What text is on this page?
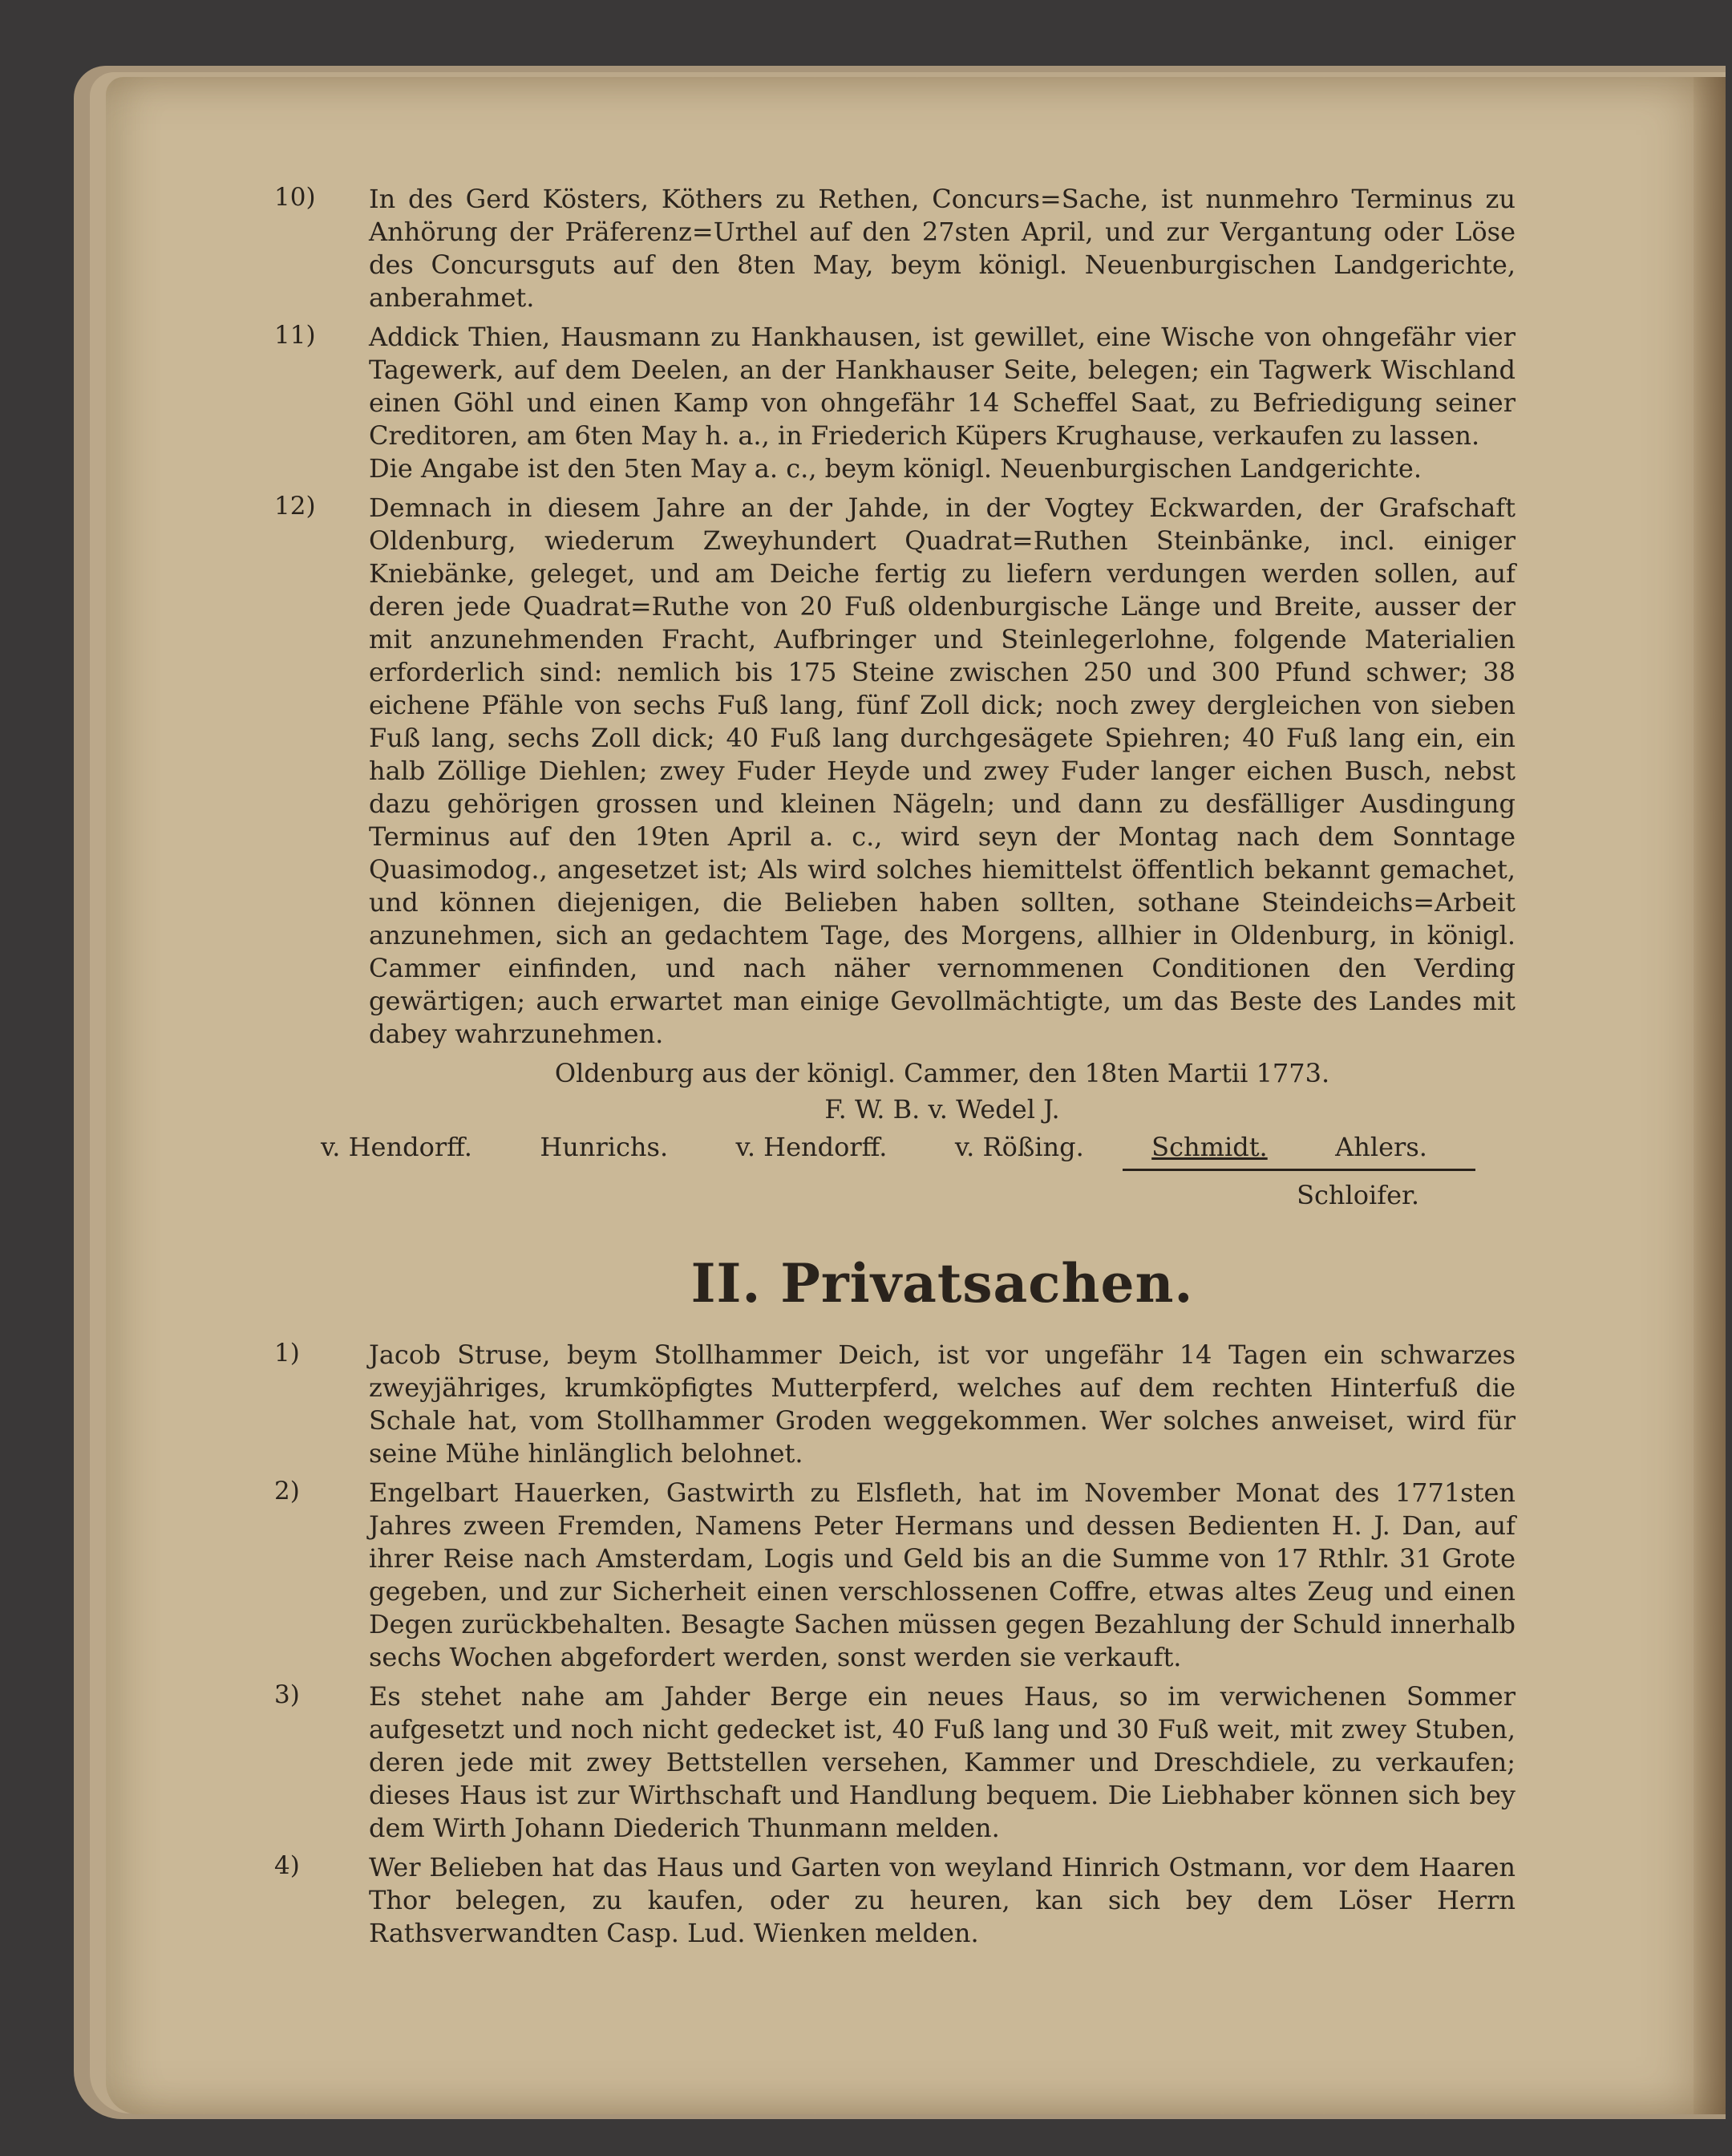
10)	In des Gerd Kösters, Köthers zu Rethen, Concurs=Sache, ist nunmehro Terminus zu Anhörung der Präferenz=Urthel auf den 27sten April, und zur Vergantung oder Löse des Concursguts auf den 8ten May, beym königl. Neuenburgischen Landgerichte, anberahmet.

11)	Addick Thien, Hausmann zu Hankhausen, ist gewillet, eine Wische von ohngefähr vier Tagewerk, auf dem Deelen, an der Hankhauser Seite, belegen; ein Tagwerk Wischland einen Göhl und einen Kamp von ohngefähr 14 Scheffel Saat, zu Befriedigung seiner Creditoren, am 6ten May h. a., in Friederich Küpers Krughause, verkaufen zu lassen.

Die Angabe ist den 5ten May a. c., beym königl. Neuenburgischen Landgerichte.

12)	Demnach in diesem Jahre an der Jahde, in der Vogtey Eckwarden, der Grafschaft Oldenburg, wiederum Zweyhundert Quadrat=Ruthen Steinbänke, incl. einiger Kniebänke, geleget, und am Deiche fertig zu liefern verdungen werden sollen, auf deren jede Quadrat=Ruthe von 20 Fuß oldenburgische Länge und Breite, ausser der mit anzunehmenden Fracht, Aufbringer und Steinlegerlohne, folgende Materialien erforderlich sind: nemlich bis 175 Steine zwischen 250 und 300 Pfund schwer; 38 eichene Pfähle von sechs Fuß lang, fünf Zoll dick; noch zwey dergleichen von sieben Fuß lang, sechs Zoll dick; 40 Fuß lang durchgesägete Spiehren; 40 Fuß lang ein, ein halb Zöllige Diehlen; zwey Fuder Heyde und zwey Fuder langer eichen Busch, nebst dazu gehörigen grossen und kleinen Nägeln; und dann zu desfälliger Ausdingung Terminus auf den 19ten April a. c., wird seyn der Montag nach dem Sonntage Quasimodog., angesetzet ist; Als wird solches hiemittelst öffentlich bekannt gemachet, und können diejenigen, die Belieben haben sollten, sothane Steindeichs=Arbeit anzunehmen, sich an gedachtem Tage, des Morgens, allhier in Oldenburg, in königl. Cammer einfinden, und nach näher vernommenen Conditionen den Verding gewärtigen; auch erwartet man einige Gevollmächtigte, um das Beste des Landes mit dabey wahrzunehmen.

Oldenburg aus der königl. Cammer, den 18ten Martii 1773.
F. W. B. v. Wedel J.
v. Hendorff.	Hunrichs.	v. Hendorff.	v. Rößing.	Schmidt.	Ahlers.
Schloifer.
II. Privatsachen.
1)	Jacob Struse, beym Stollhammer Deich, ist vor ungefähr 14 Tagen ein schwarzes zweyjähriges, krumköpfigtes Mutterpferd, welches auf dem rechten Hinterfuß die Schale hat, vom Stollhammer Groden weggekommen. Wer solches anweiset, wird für seine Mühe hinlänglich belohnet.

2)	Engelbart Hauerken, Gastwirth zu Elsfleth, hat im November Monat des 1771sten Jahres zween Fremden, Namens Peter Hermans und dessen Bedienten H. J. Dan, auf ihrer Reise nach Amsterdam, Logis und Geld bis an die Summe von 17 Rthlr. 31 Grote gegeben, und zur Sicherheit einen verschlossenen Coffre, etwas altes Zeug und einen Degen zurückbehalten. Besagte Sachen müssen gegen Bezahlung der Schuld innerhalb sechs Wochen abgefordert werden, sonst werden sie verkauft.

3)	Es stehet nahe am Jahder Berge ein neues Haus, so im verwichenen Sommer aufgesetzt und noch nicht gedecket ist, 40 Fuß lang und 30 Fuß weit, mit zwey Stuben, deren jede mit zwey Bettstellen versehen, Kammer und Dreschdiele, zu verkaufen; dieses Haus ist zur Wirthschaft und Handlung bequem. Die Liebhaber können sich bey dem Wirth Johann Diederich Thunmann melden.

4)	Wer Belieben hat das Haus und Garten von weyland Hinrich Ostmann, vor dem Haaren Thor belegen, zu kaufen, oder zu heuren, kan sich bey dem Löser Herrn Rathsverwandten Casp. Lud. Wienken melden.
